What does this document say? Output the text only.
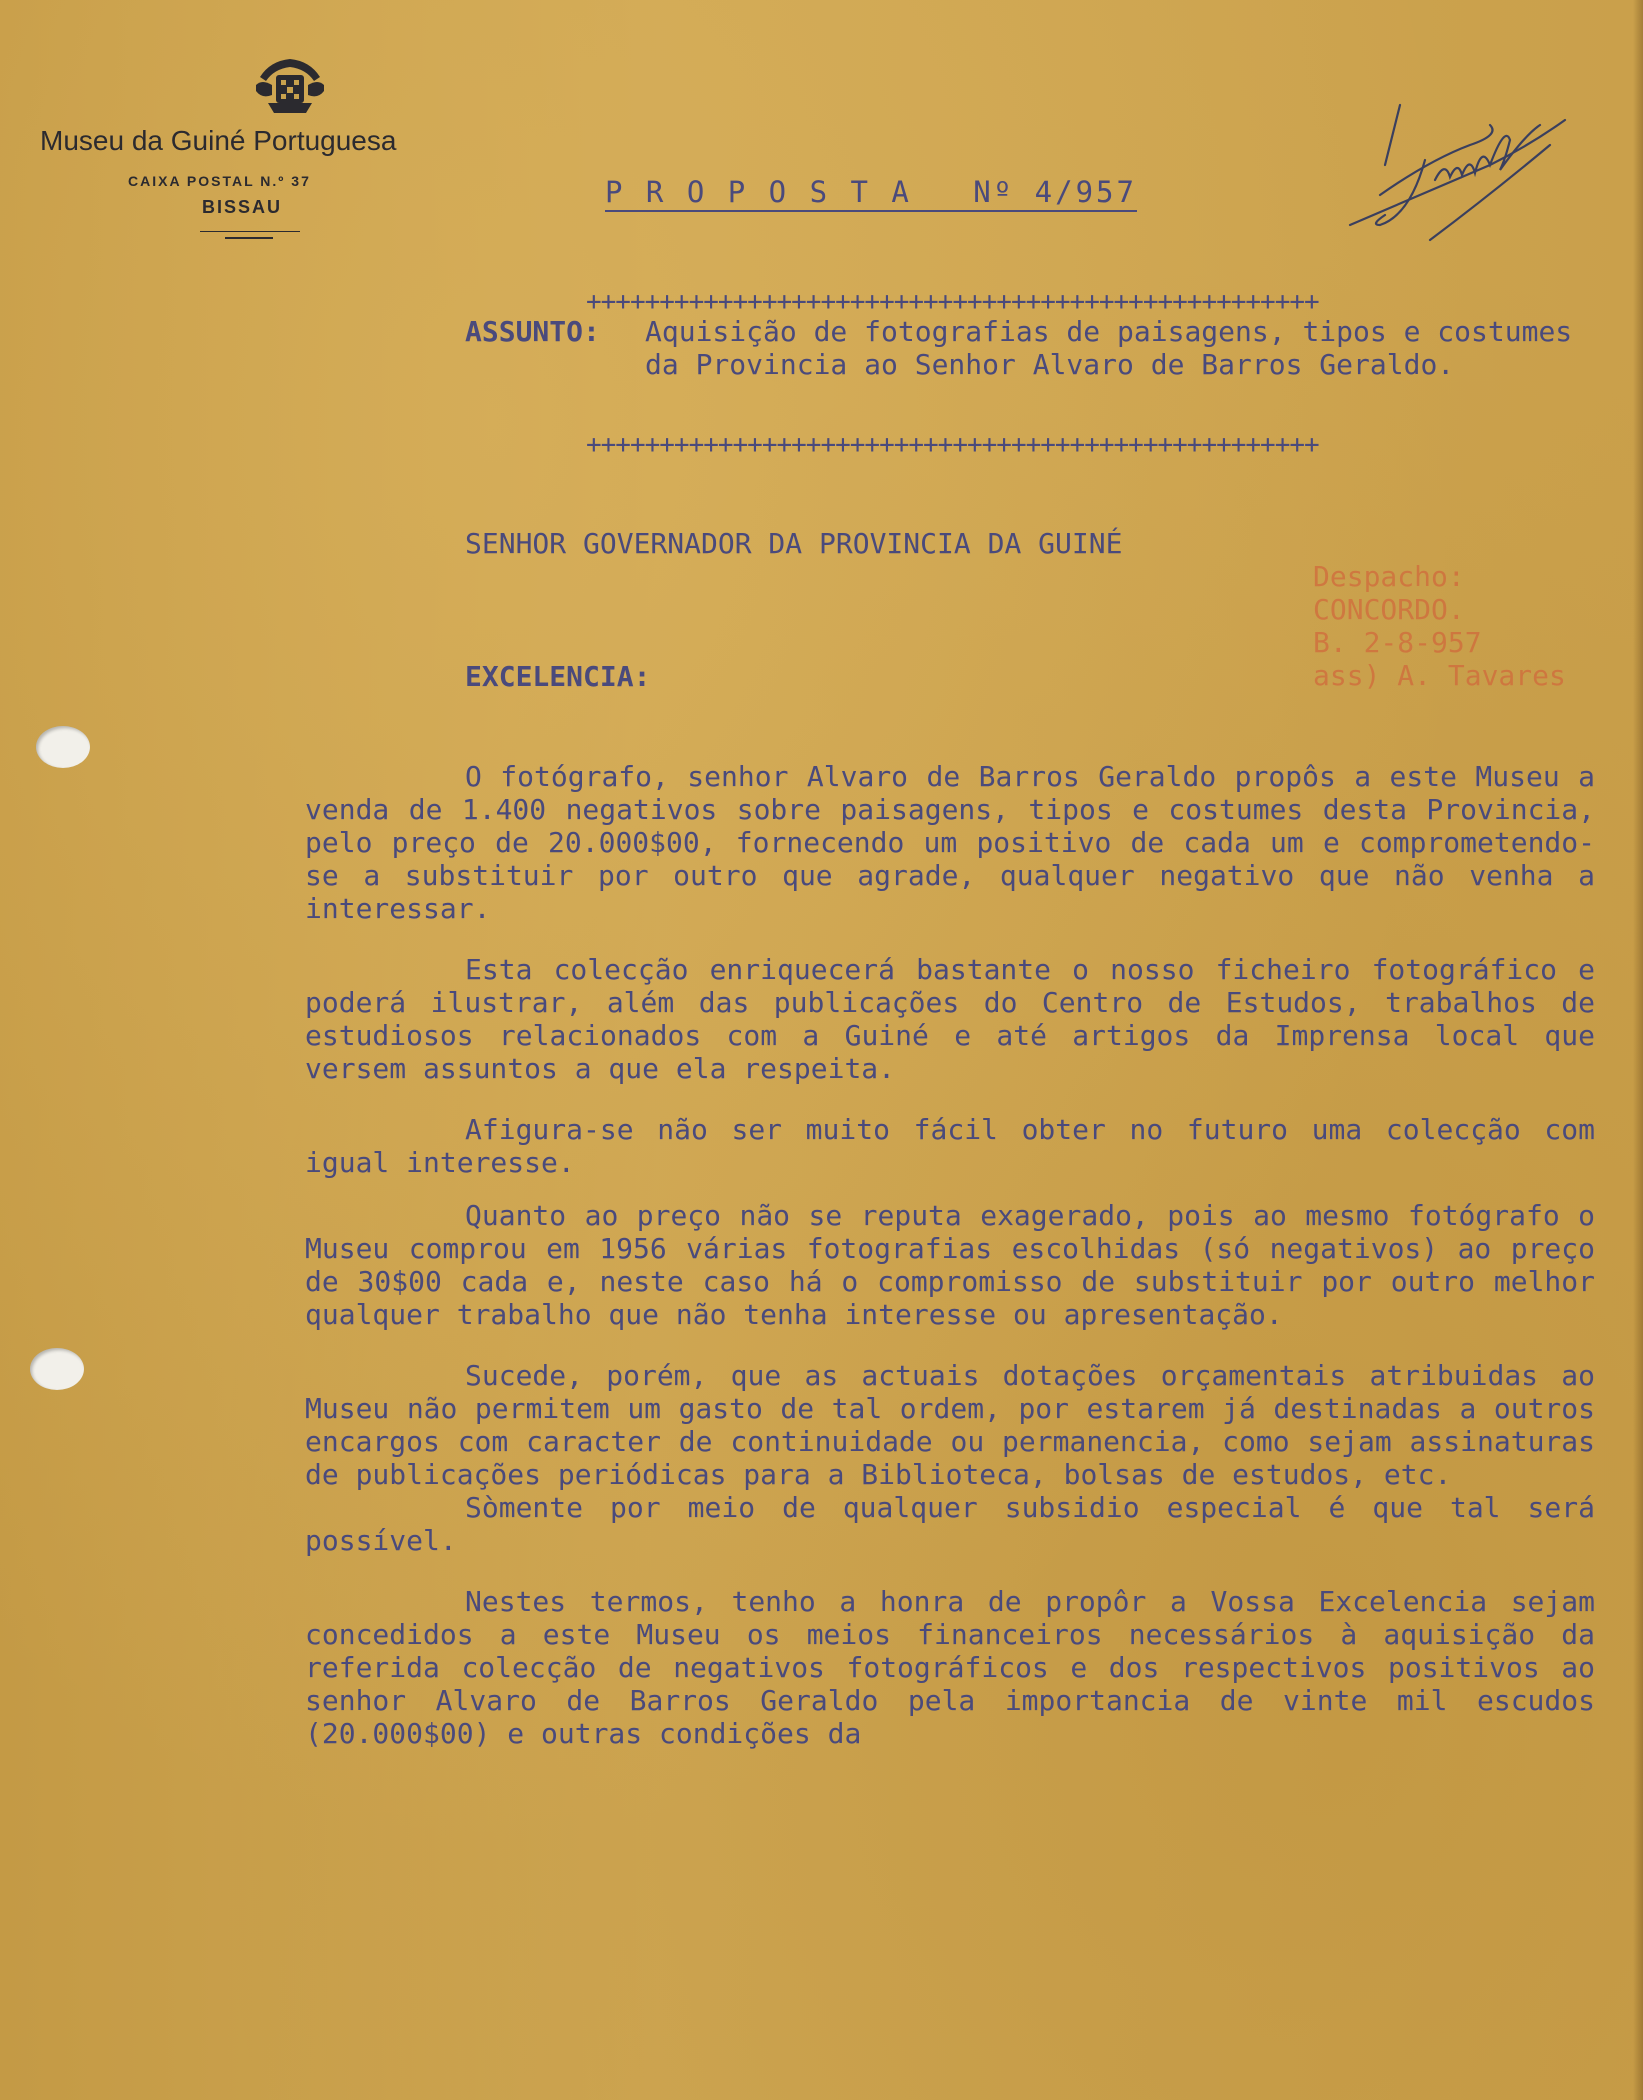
Museu da Guiné Portuguesa
CAIXA POSTAL N.º 37
BISSAU	P R O P O S T A   Nº 4/957
++++++++++++++++++++++++++++++++++++++++++++++++++
ASSUNTO: Aquisição de fotografias de paisagens, tipos e costumes da Provincia ao Senhor Alvaro de Barros Geraldo.
++++++++++++++++++++++++++++++++++++++++++++++++++
SENHOR GOVERNADOR DA PROVINCIA DA GUINÉ
Despacho:
CONCORDO.
B. 2-8-957
ass) A. Tavares
EXCELENCIA:

O fotógrafo, senhor Alvaro de Barros Geraldo propôs a este Museu a venda de 1.400 negativos sobre paisagens, tipos e costumes desta Provincia, pelo preço de 20.000$00, fornecendo um positivo de cada um e comprometendo-se a substituir por outro que agrade, qualquer negativo que não venha a interessar.

Esta colecção enriquecerá bastante o nosso ficheiro fotográfico e poderá ilustrar, além das publicações do Centro de Estudos, trabalhos de estudiosos relacionados com a Guiné e até artigos da Imprensa local que versem assuntos a que ela respeita.

Afigura-se não ser muito fácil obter no futuro uma colecção com igual interesse.

Quanto ao preço não se reputa exagerado, pois ao mesmo fotógrafo o Museu comprou em 1956 várias fotografias escolhidas (só negativos) ao preço de 30$00 cada e, neste caso há o compromisso de substituir por outro melhor qualquer trabalho que não tenha interesse ou apresentação.

Sucede, porém, que as actuais dotações orçamentais atribuidas ao Museu não permitem um gasto de tal ordem, por estarem já destinadas a outros encargos com caracter de continuidade ou permanencia, como sejam assinaturas de publicações periódicas para a Biblioteca, bolsas de estudos, etc.

Sòmente por meio de qualquer subsidio especial é que tal será possível.

Nestes termos, tenho a honra de propôr a Vossa Excelencia sejam concedidos a este Museu os meios financeiros necessários à aquisição da referida colecção de negativos fotográficos e dos respectivos positivos ao senhor Alvaro de Barros Geraldo pela importancia de vinte mil escudos (20.000$00) e outras condições da
